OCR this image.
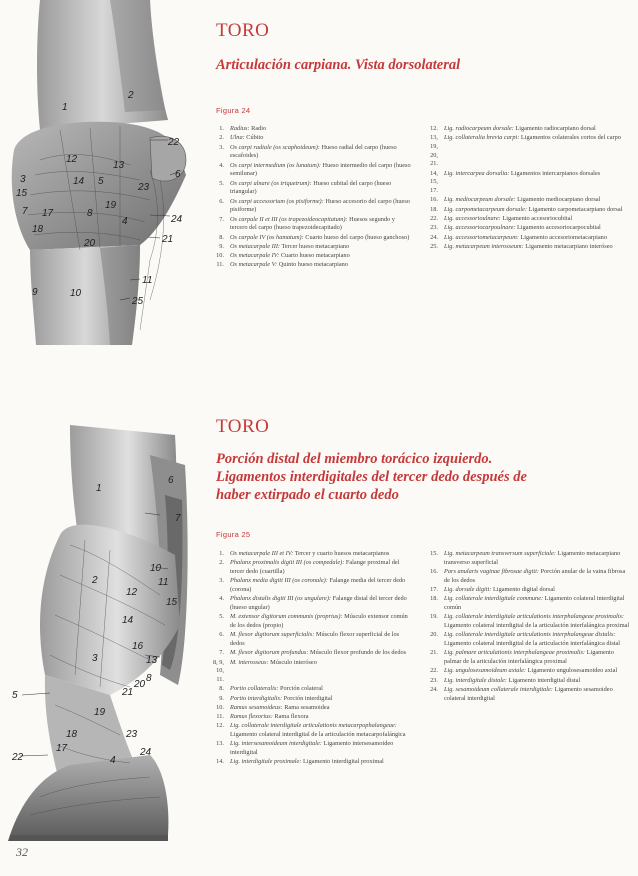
1
2
22
12
13
3	14 5
15
6
7 17
23
18
19
8
24
4
21
20
9	10
11
25
TORO
Articulación carpiana. Vista dorsolateral
Figura 24
1. Radius: Radio
2. Ulna: Cúbito
3. Os carpi radiale (os scaphoideum): Hueso radial del carpo (hueso escafoides)
4. Os carpi intermedium (os lunatum): Hueso intermedio del carpo (hueso semilunar)
5. Os carpi ulnare (os triquetrum): Hueso cubital del carpo (hueso triangular)
6. Os carpi accessorium (os pisiforme): Hueso accesorio del carpo (hueso pisiforme)
7. Os carpale II et III (os trapezoideocapitatum): Huesos segundo y tercero del carpo (hueso trapezoidecapitado)
8. Os carpale IV (os hamatum): Cuarto hueso del carpo (hueso ganchoso)
9. Os metacarpale III: Tercer hueso metacarpiano
10. Os metacarpale IV: Cuarto hueso metacarpiano
11. Os metacarpale V: Quinto hueso metacarpiano
12. Lig. radiocarpeum dorsale: Ligamento radiocarpiano dorsal
13, 19, 20, 21.
Lig. collateralia brevia carpi: Ligamentos colaterales cortos del carpo
14, 15, 17.
Lig. intercarpea dorsalia: Ligamentos intercarpianos dorsales
16. Lig. mediocarpeum dorsale: Ligamento mediocarpiano dorsal
18. Lig. carpometacarpeum dorsale: Ligamento carpometacarpiano dorsal
22. Lig. accessorioulnare: Ligamento accesoriocubital
23. Lig. accessoriocarpoulnare: Ligamento accesoriocarpocubital
24. Lig. accessoriometacarpeum: Ligamento accesoriometacarpiano
25. Lig. metacarpeum interosseum: Ligamento metacarpiano interóseo
1
6
7
10
11
15
2
12
14
16
13
3
5
19
18
17
21
20
8
23
24
4
22
TORO
Porción distal del miembro torácico izquierdo. Ligamentos interdigitales del tercer dedo después de haber extirpado el cuarto dedo
Figura 25
1. Os metacarpale III et IV: Tercer y cuarto huesos metacarpianos
2. Phalanx proximalis digiti III (os compedale): Falange proximal del tercer dedo (cuartilla)
3. Phalanx media digiti III (os coronale): Falange media del tercer dedo (corona)
4. Phalanx distalis digiti III (os ungulare): Falange distal del tercer dedo (hueso ungular)
5. M. extensor digitorum communis (proprius): Músculo extensor común de los dedos (propio)
6. M. flexor digitorum superficialis: Músculo flexor superficial de los dedos
7. M. flexor digitorum profundus: Músculo flexor profundo de los dedos
8, 9, 10, 11.
M. interosseus: Músculo interóseo
8. Portio collateralis: Porción colateral
9. Portio interdigitalis: Porción interdigital
10. Ramus sesamoideus: Rama sesamoidea
11. Ramus flexorius: Rama flexora
12. Lig. collaterale interdigitale articulationis metacarpophalangeae: Ligamento colateral interdigital de la articulación metacarpofalángica
13. Lig. intersesamoideum interdigitale: Ligamento intersesamoideo interdigital
14. Lig. interdigitale proximale: Ligamento interdigital proximal
15. Lig. metacarpeum transversum superficiale: Ligamento metacarpiano transverso superficial
16. Pars anularis vaginae fibrosae digiti: Porción anular de la vaina fibrosa de los dedos
17. Lig. dorsale digiti: Ligamento digital dorsal
18. Lig. collaterale interdigitale commune: Ligamento colateral interdigital común
19. Lig. collaterale interdigitale articulationis interphalangeae proximalis: Ligamento colateral interdigital de la articulación interfalángica proximal
20. Lig. collaterale interdigitale articulationis interphalangeae distalis: Ligamento colateral interdigital de la articulación interfalángica distal
21. Lig. palmare articulationis interphalangeae proximalis: Ligamento palmar de la articulación interfalángica proximal
22. Lig. ungulosesamoideum axiale: Ligamento ungulosesamoideo axial
23. Lig. interdigitale distale: Ligamento interdigital distal
24. Lig. sesamoideum collaterale interdigitale: Ligamento sesamoideo colateral interdigital
32
